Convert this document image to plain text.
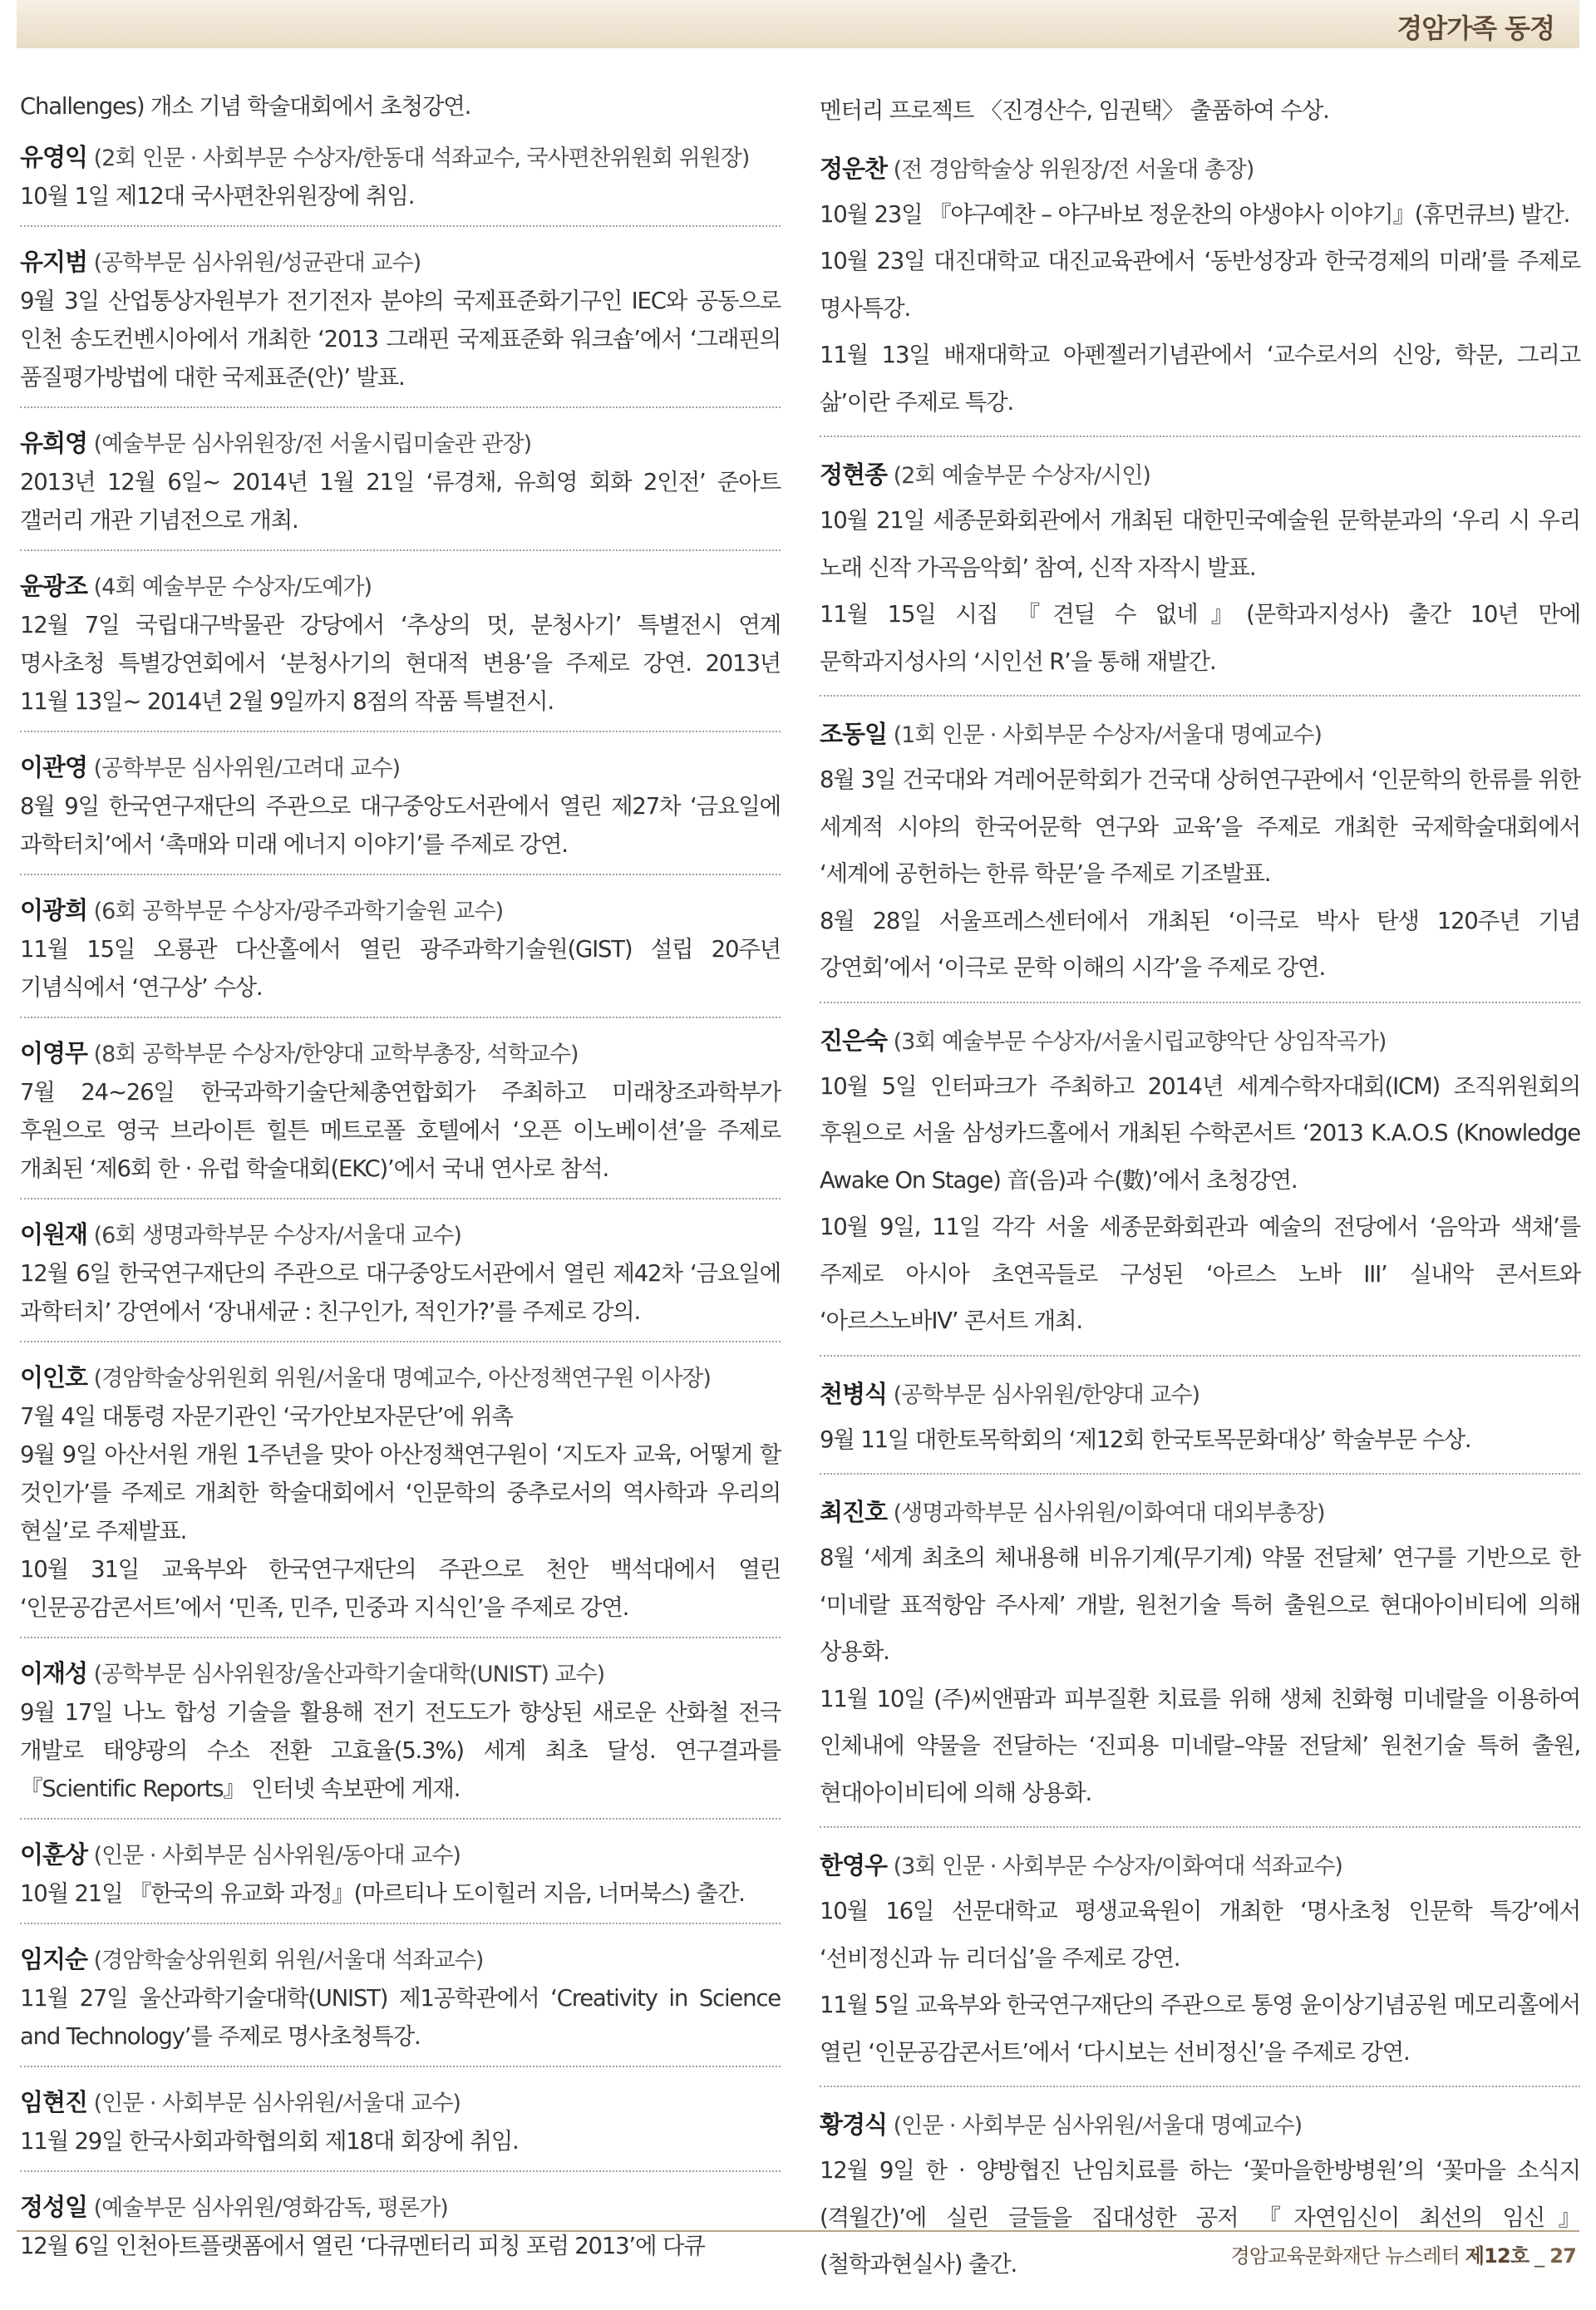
경암가족 동정
Challenges) 개소 기념 학술대회에서 초청강연.
유영익 (2회 인문 · 사회부문 수상자/한동대 석좌교수, 국사편찬위원회 위원장)
10월 1일 제12대 국사편찬위원장에 취임.
유지범 (공학부문 심사위원/성균관대 교수)
9월 3일 산업통상자원부가 전기전자 분야의 국제표준화기구인 IEC와 공동으로 인천 송도컨벤시아에서 개최한 ‘2013 그래핀 국제표준화 워크숍’에서 ‘그래핀의 품질평가방법에 대한 국제표준(안)’ 발표.
유희영 (예술부문 심사위원장/전 서울시립미술관 관장)
2013년 12월 6일~ 2014년 1월 21일 ‘류경채, 유희영 회화 2인전’ 준아트 갤러리 개관 기념전으로 개최.
윤광조 (4회 예술부문 수상자/도예가)
12월 7일 국립대구박물관 강당에서 ‘추상의 멋, 분청사기’ 특별전시 연계 명사초청 특별강연회에서 ‘분청사기의 현대적 변용’을 주제로 강연. 2013년 11월 13일~ 2014년 2월 9일까지 8점의 작품 특별전시.
이관영 (공학부문 심사위원/고려대 교수)
8월 9일 한국연구재단의 주관으로 대구중앙도서관에서 열린 제27차 ‘금요일에 과학터치’에서 ‘촉매와 미래 에너지 이야기’를 주제로 강연.
이광희 (6회 공학부문 수상자/광주과학기술원 교수)
11월 15일 오룡관 다산홀에서 열린 광주과학기술원(GIST) 설립 20주년 기념식에서 ‘연구상’ 수상.
이영무 (8회 공학부문 수상자/한양대 교학부총장, 석학교수)
7월 24~26일 한국과학기술단체총연합회가 주최하고 미래창조과학부가 후원으로 영국 브라이튼 힐튼 메트로폴 호텔에서 ‘오픈 이노베이션’을 주제로 개최된 ‘제6회 한 · 유럽 학술대회(EKC)’에서 국내 연사로 참석.
이원재 (6회 생명과학부문 수상자/서울대 교수)
12월 6일 한국연구재단의 주관으로 대구중앙도서관에서 열린 제42차 ‘금요일에 과학터치’ 강연에서 ‘장내세균 : 친구인가, 적인가?’를 주제로 강의.
이인호 (경암학술상위원회 위원/서울대 명예교수, 아산정책연구원 이사장)
7월 4일 대통령 자문기관인 ‘국가안보자문단’에 위촉
9월 9일 아산서원 개원 1주년을 맞아 아산정책연구원이 ‘지도자 교육, 어떻게 할 것인가’를 주제로 개최한 학술대회에서 ‘인문학의 중추로서의 역사학과 우리의 현실’로 주제발표.
10월 31일 교육부와 한국연구재단의 주관으로 천안 백석대에서 열린 ‘인문공감콘서트’에서 ‘민족, 민주, 민중과 지식인’을 주제로 강연.
이재성 (공학부문 심사위원장/울산과학기술대학(UNIST) 교수)
9월 17일 나노 합성 기술을 활용해 전기 전도도가 향상된 새로운 산화철 전극 개발로 태양광의 수소 전환 고효율(5.3%) 세계 최초 달성. 연구결과를 『Scientific Reports』 인터넷 속보판에 게재.
이훈상 (인문 · 사회부문 심사위원/동아대 교수)
10월 21일 『한국의 유교화 과정』(마르티나 도이힐러 지음, 너머북스) 출간.
임지순 (경암학술상위원회 위원/서울대 석좌교수)
11월 27일 울산과학기술대학(UNIST) 제1공학관에서 ‘Creativity in Science and Technology’를 주제로 명사초청특강.
임현진 (인문 · 사회부문 심사위원/서울대 교수)
11월 29일 한국사회과학협의회 제18대 회장에 취임.
정성일 (예술부문 심사위원/영화감독, 평론가)
12월 6일 인천아트플랫폼에서 열린 ‘다큐멘터리 피칭 포럼 2013’에 다큐
멘터리 프로젝트 〈진경산수, 임권택〉 출품하여 수상.
정운찬 (전 경암학술상 위원장/전 서울대 총장)
10월 23일 『야구예찬 – 야구바보 정운찬의 야생야사 이야기』(휴먼큐브) 발간.
10월 23일 대진대학교 대진교육관에서 ‘동반성장과 한국경제의 미래’를 주제로 명사특강.
11월 13일 배재대학교 아펜젤러기념관에서 ‘교수로서의 신앙, 학문, 그리고 삶’이란 주제로 특강.
정현종 (2회 예술부문 수상자/시인)
10월 21일 세종문화회관에서 개최된 대한민국예술원 문학분과의 ‘우리 시 우리 노래 신작 가곡음악회’ 참여, 신작 자작시 발표.
11월 15일 시집 『견딜 수 없네』(문학과지성사) 출간 10년 만에 문학과지성사의 ‘시인선 R’을 통해 재발간.
조동일 (1회 인문 · 사회부문 수상자/서울대 명예교수)
8월 3일 건국대와 겨레어문학회가 건국대 상허연구관에서 ‘인문학의 한류를 위한 세계적 시야의 한국어문학 연구와 교육’을 주제로 개최한 국제학술대회에서 ‘세계에 공헌하는 한류 학문’을 주제로 기조발표.
8월 28일 서울프레스센터에서 개최된 ‘이극로 박사 탄생 120주년 기념 강연회’에서 ‘이극로 문학 이해의 시각’을 주제로 강연.
진은숙 (3회 예술부문 수상자/서울시립교향악단 상임작곡가)
10월 5일 인터파크가 주최하고 2014년 세계수학자대회(ICM) 조직위원회의 후원으로 서울 삼성카드홀에서 개최된 수학콘서트 ‘2013 K.A.O.S (Knowledge Awake On Stage) 音(음)과 수(數)’에서 초청강연.
10월 9일, 11일 각각 서울 세종문화회관과 예술의 전당에서 ‘음악과 색채’를 주제로 아시아 초연곡들로 구성된 ‘아르스 노바 III’ 실내악 콘서트와 ‘아르스노바IV’ 콘서트 개최.
천병식 (공학부문 심사위원/한양대 교수)
9월 11일 대한토목학회의 ‘제12회 한국토목문화대상’ 학술부문 수상.
최진호 (생명과학부문 심사위원/이화여대 대외부총장)
8월 ‘세계 최초의 체내용해 비유기계(무기계) 약물 전달체’ 연구를 기반으로 한 ‘미네랄 표적항암 주사제’ 개발, 원천기술 특허 출원으로 현대아이비티에 의해 상용화.
11월 10일 (주)씨앤팜과 피부질환 치료를 위해 생체 친화형 미네랄을 이용하여 인체내에 약물을 전달하는 ‘진피용 미네랄–약물 전달체’ 원천기술 특허 출원, 현대아이비티에 의해 상용화.
한영우 (3회 인문 · 사회부문 수상자/이화여대 석좌교수)
10월 16일 선문대학교 평생교육원이 개최한 ‘명사초청 인문학 특강’에서 ‘선비정신과 뉴 리더십’을 주제로 강연.
11월 5일 교육부와 한국연구재단의 주관으로 통영 윤이상기념공원 메모리홀에서 열린 ‘인문공감콘서트’에서 ‘다시보는 선비정신’을 주제로 강연.
황경식 (인문 · 사회부문 심사위원/서울대 명예교수)
12월 9일 한 · 양방협진 난임치료를 하는 ‘꽃마을한방병원’의 ‘꽃마을 소식지(격월간)’에 실린 글들을 집대성한 공저 『자연임신이 최선의 임신』(철학과현실사) 출간.	경암교육문화재단 뉴스레터 제12호 _ 27
